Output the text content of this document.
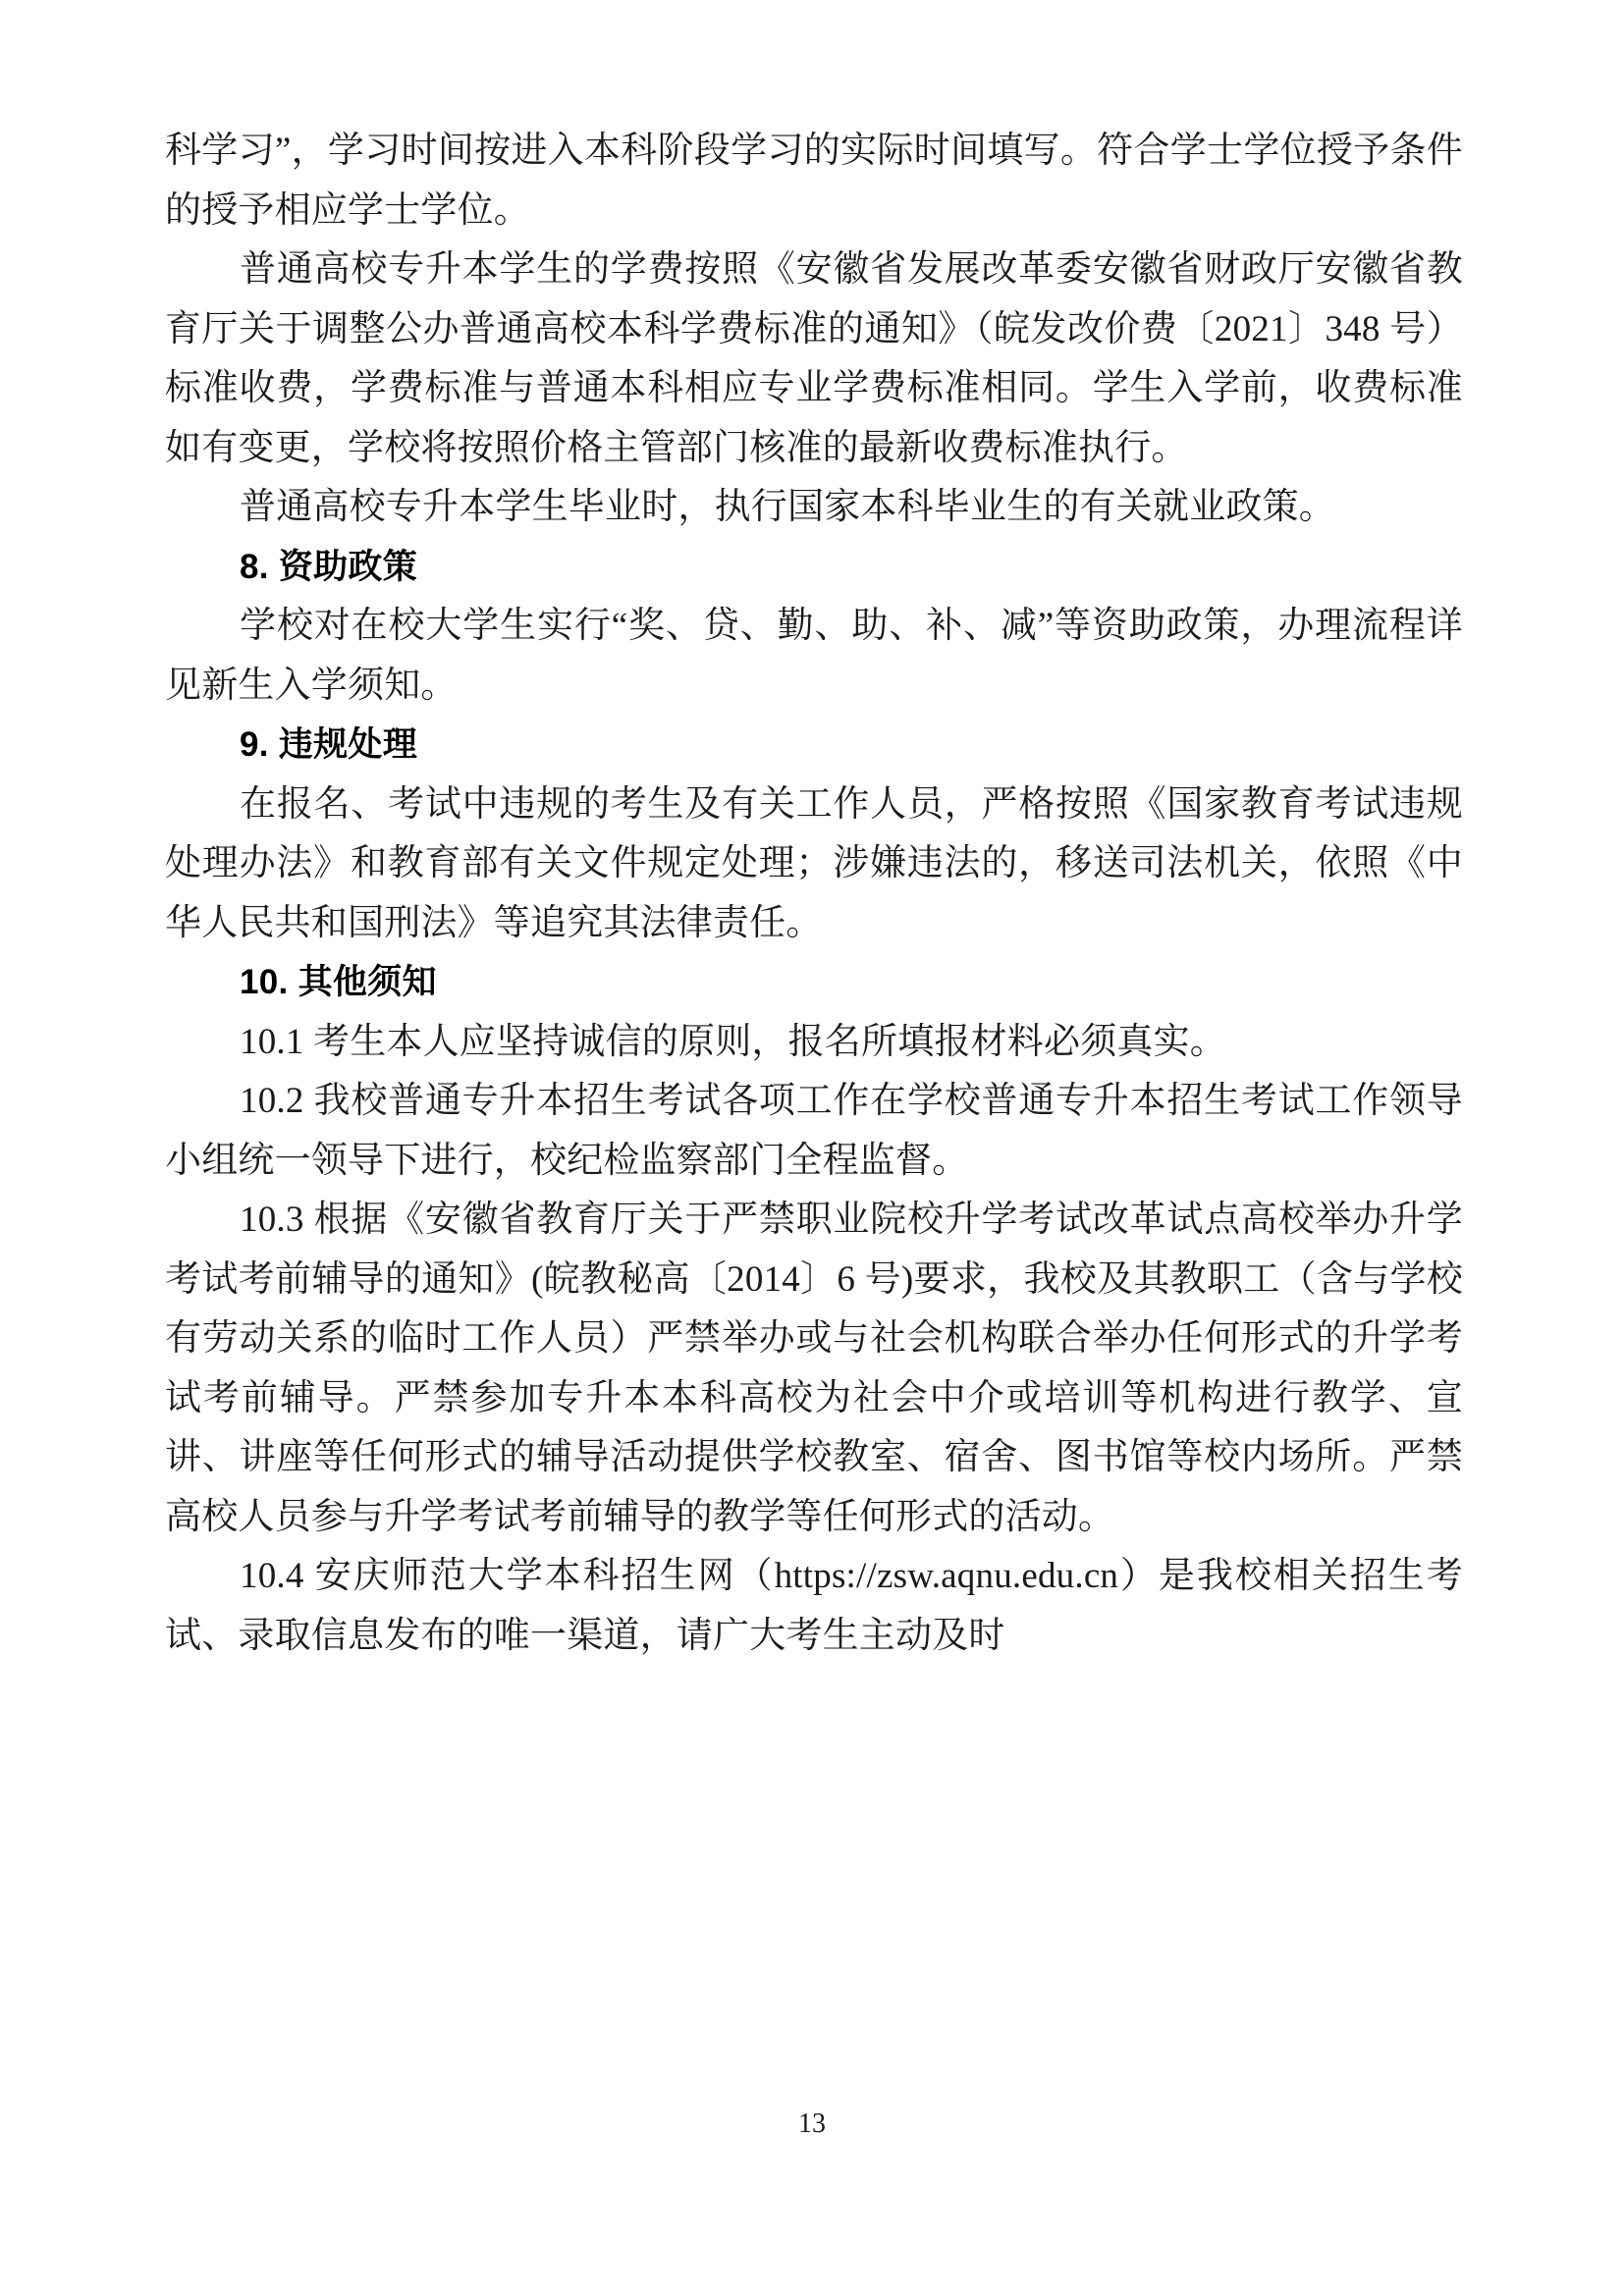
科学习”，学习时间按进入本科阶段学习的实际时间填写。符合学士学位授予条件的授予相应学士学位。

普通高校专升本学生的学费按照《安徽省发展改革委安徽省财政厅安徽省教育厅关于调整公办普通高校本科学费标准的通知》（皖发改价费〔2021〕348 号）标准收费，学费标准与普通本科相应专业学费标准相同。学生入学前，收费标准如有变更，学校将按照价格主管部门核准的最新收费标准执行。

普通高校专升本学生毕业时，执行国家本科毕业生的有关就业政策。

8. 资助政策

学校对在校大学生实行“奖、贷、勤、助、补、减”等资助政策，办理流程详见新生入学须知。

9. 违规处理

在报名、考试中违规的考生及有关工作人员，严格按照《国家教育考试违规处理办法》和教育部有关文件规定处理；涉嫌违法的，移送司法机关，依照《中华人民共和国刑法》等追究其法律责任。

10. 其他须知

10.1 考生本人应坚持诚信的原则，报名所填报材料必须真实。

10.2 我校普通专升本招生考试各项工作在学校普通专升本招生考试工作领导小组统一领导下进行，校纪检监察部门全程监督。

10.3 根据《安徽省教育厅关于严禁职业院校升学考试改革试点高校举办升学考试考前辅导的通知》(皖教秘高〔2014〕6 号)要求，我校及其教职工（含与学校有劳动关系的临时工作人员）严禁举办或与社会机构联合举办任何形式的升学考试考前辅导。严禁参加专升本本科高校为社会中介或培训等机构进行教学、宣讲、讲座等任何形式的辅导活动提供学校教室、宿舍、图书馆等校内场所。严禁高校人员参与升学考试考前辅导的教学等任何形式的活动。

10.4 安庆师范大学本科招生网（https://zsw.aqnu.edu.cn）是我校相关招生考试、录取信息发布的唯一渠道，请广大考生主动及时

13
